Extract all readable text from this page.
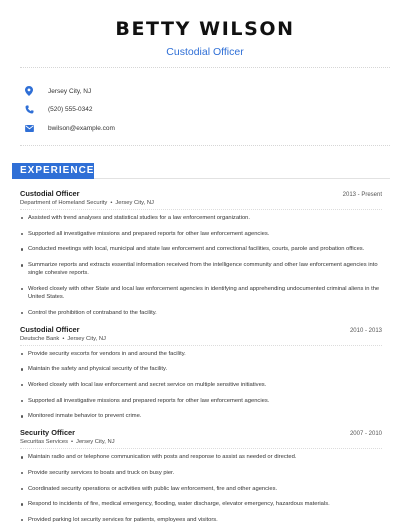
BETTY WILSON
Custodial Officer
Jersey City, NJ
(520) 555-0342
bwilson@example.com
EXPERIENCE
Custodial Officer	2013 - Present
Department of Homeland Security • Jersey City, NJ
Assisted with trend analyses and statistical studies for a law enforcement organization.
Supported all investigative missions and prepared reports for other law enforcement agencies.
Conducted meetings with local, municipal and state law enforcement and correctional facilities, courts, parole and probation offices.
Summarize reports and extracts essential information received from the intelligence community and other law enforcement agencies into single cohesive reports.
Worked closely with other State and local law enforcement agencies in identifying and apprehending undocumented criminal aliens in the United States.
Control the prohibition of contraband to the facility.
Custodial Officer	2010 - 2013
Deutsche Bank • Jersey City, NJ
Provide security escorts for vendors in and around the facility.
Maintain the safety and physical security of the facility.
Worked closely with local law enforcement and secret service on multiple sensitive initiatives.
Supported all investigative missions and prepared reports for other law enforcement agencies.
Monitored inmate behavior to prevent crime.
Security Officer	2007 - 2010
Securitas Services • Jersey City, NJ
Maintain radio and or telephone communication with posts and response to assist as needed or directed.
Provide security services to boats and truck on busy pier.
Coordinated security operations or activities with public law enforcement, fire and other agencies.
Respond to incidents of fire, medical emergency, flooding, water discharge, elevator emergency, hazardous materials.
Provided parking lot security services for patients, employees and visitors.
